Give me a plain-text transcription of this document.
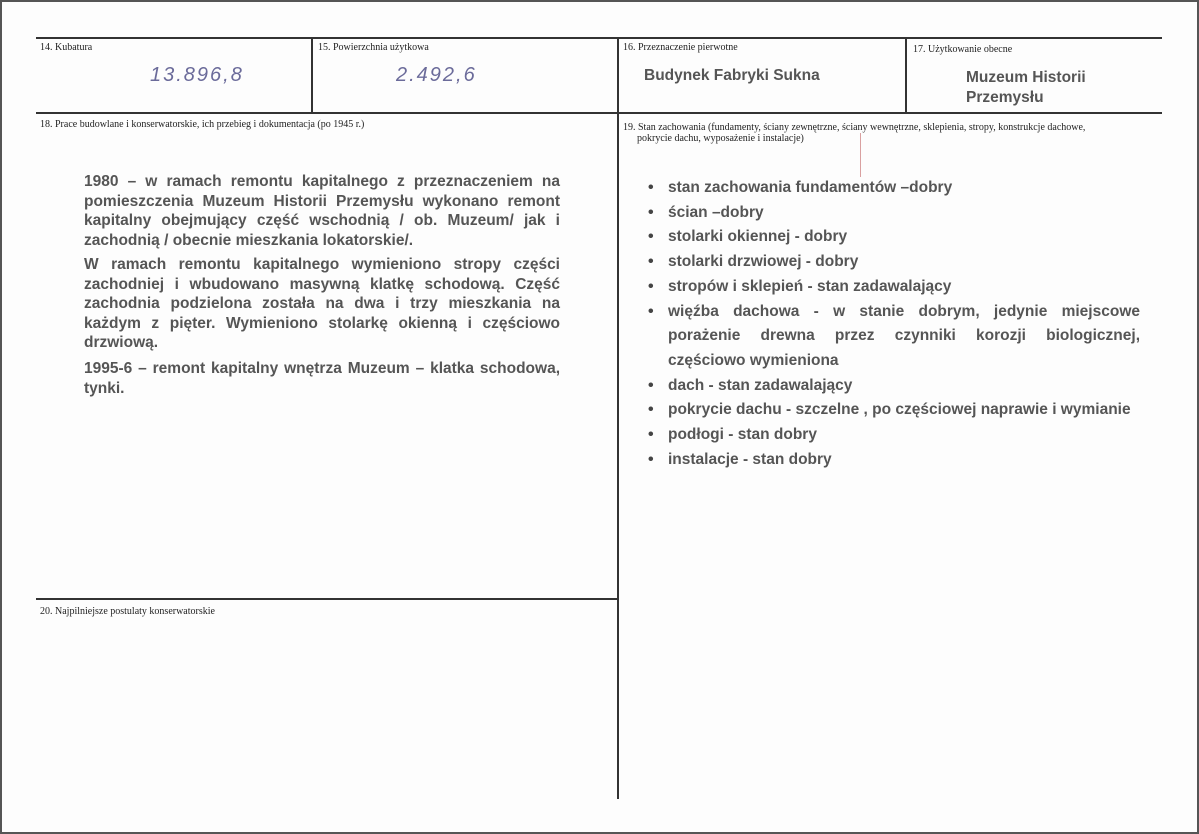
14. Kubatura
13.896,8
15. Powierzchnia użytkowa
2.492,6
16. Przeznaczenie pierwotne
Budynek Fabryki Sukna
17. Użytkowanie obecne
Muzeum Historii
Przemysłu
18. Prace budowlane i konserwatorskie, ich przebieg i dokumentacja (po 1945 r.)

1980 – w ramach remontu kapitalnego z przeznaczeniem na pomieszczenia Muzeum Historii Przemysłu wykonano remont kapitalny obejmujący część wschodnią / ob. Muzeum/ jak i zachodnią / obecnie mieszkania lokatorskie/.

W ramach remontu kapitalnego wymieniono stropy części zachodniej i wbudowano masywną klatkę schodową. Część zachodnia podzielona została na dwa i trzy mieszkania na każdym z pięter. Wymieniono stolarkę okienną i częściowo drzwiową.

1995-6 – remont kapitalny wnętrza Muzeum – klatka schodowa, tynki.

19. Stan zachowania (fundamenty, ściany zewnętrzne, ściany wewnętrzne, sklepienia, stropy, konstrukcje dachowe,
pokrycie dachu, wyposażenie i instalacje)
• stan zachowania fundamentów –dobry
• ścian –dobry
• stolarki okiennej - dobry
• stolarki drzwiowej - dobry
• stropów i sklepień - stan zadawalający
• więźba dachowa - w stanie dobrym, jedynie miejscowe porażenie drewna przez czynniki korozji biologicznej, częściowo wymieniona
• dach - stan zadawalający
• pokrycie dachu - szczelne , po częściowej naprawie i wymianie
• podłogi - stan dobry
• instalacje - stan dobry
20. Najpilniejsze postulaty konserwatorskie
